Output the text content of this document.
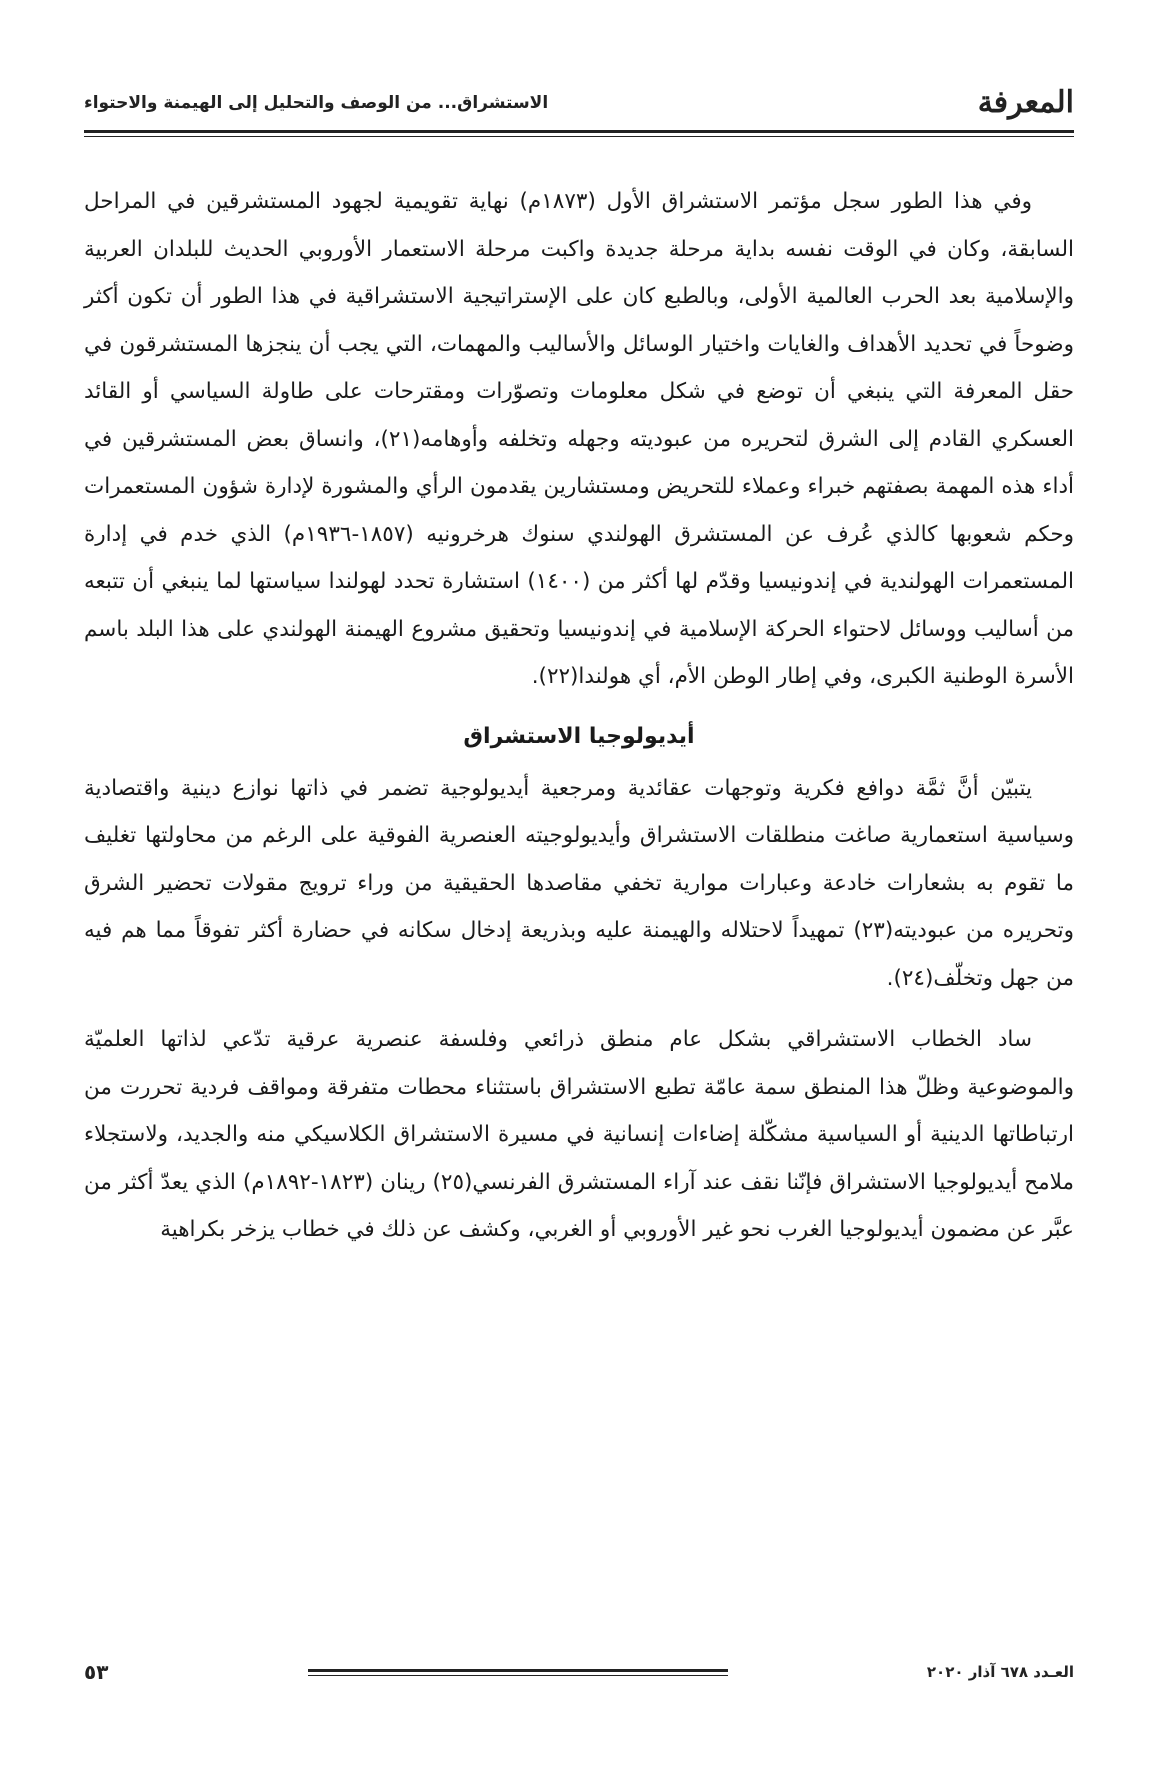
المعرفة
الاستشراق... من الوصف والتحليل إلى الهيمنة والاحتواء

وفي هذا الطور سجل مؤتمر الاستشراق الأول (١٨٧٣م) نهاية تقويمية لجهود المستشرقين في المراحل السابقة، وكان في الوقت نفسه بداية مرحلة جديدة واكبت مرحلة الاستعمار الأوروبي الحديث للبلدان العربية والإسلامية بعد الحرب العالمية الأولى، وبالطبع كان على الإستراتيجية الاستشراقية في هذا الطور أن تكون أكثر وضوحاً في تحديد الأهداف والغايات واختيار الوسائل والأساليب والمهمات، التي يجب أن ينجزها المستشرقون في حقل المعرفة التي ينبغي أن توضع في شكل معلومات وتصوّرات ومقترحات على طاولة السياسي أو القائد العسكري القادم إلى الشرق لتحريره من عبوديته وجهله وتخلفه وأوهامه(٢١)، وانساق بعض المستشرقين في أداء هذه المهمة بصفتهم خبراء وعملاء للتحريض ومستشارين يقدمون الرأي والمشورة لإدارة شؤون المستعمرات وحكم شعوبها كالذي عُرف عن المستشرق الهولندي سنوك هرخرونيه (١٨٥٧-١٩٣٦م) الذي خدم في إدارة المستعمرات الهولندية في إندونيسيا وقدّم لها أكثر من (١٤٠٠) استشارة تحدد لهولندا سياستها لما ينبغي أن تتبعه من أساليب ووسائل لاحتواء الحركة الإسلامية في إندونيسيا وتحقيق مشروع الهيمنة الهولندي على هذا البلد باسم الأسرة الوطنية الكبرى، وفي إطار الوطن الأم، أي هولندا(٢٢).

أيديولوجيا الاستشراق

يتبيّن أنَّ ثمَّة دوافع فكرية وتوجهات عقائدية ومرجعية أيديولوجية تضمر في ذاتها نوازع دينية واقتصادية وسياسية استعمارية صاغت منطلقات الاستشراق وأيديولوجيته العنصرية الفوقية على الرغم من محاولتها تغليف ما تقوم به بشعارات خادعة وعبارات موارية تخفي مقاصدها الحقيقية من وراء ترويج مقولات تحضير الشرق وتحريره من عبوديته(٢٣) تمهيداً لاحتلاله والهيمنة عليه وبذريعة إدخال سكانه في حضارة أكثر تفوقاً مما هم فيه من جهل وتخلّف(٢٤).

ساد الخطاب الاستشراقي بشكل عام منطق ذرائعي وفلسفة عنصرية عرقية تدّعي لذاتها العلميّة والموضوعية وظلّ هذا المنطق سمة عامّة تطبع الاستشراق باستثناء محطات متفرقة ومواقف فردية تحررت من ارتباطاتها الدينية أو السياسية مشكّلة إضاءات إنسانية في مسيرة الاستشراق الكلاسيكي منه والجديد، ولاستجلاء ملامح أيديولوجيا الاستشراق فإنّنا نقف عند آراء المستشرق الفرنسي(٢٥) رينان (١٨٢٣-١٨٩٢م) الذي يعدّ أكثر من عبَّر عن مضمون أيديولوجيا الغرب نحو غير الأوروبي أو الغربي، وكشف عن ذلك في خطاب يزخر بكراهية

العـدد ٦٧٨ آذار ٢٠٢٠
٥٣
